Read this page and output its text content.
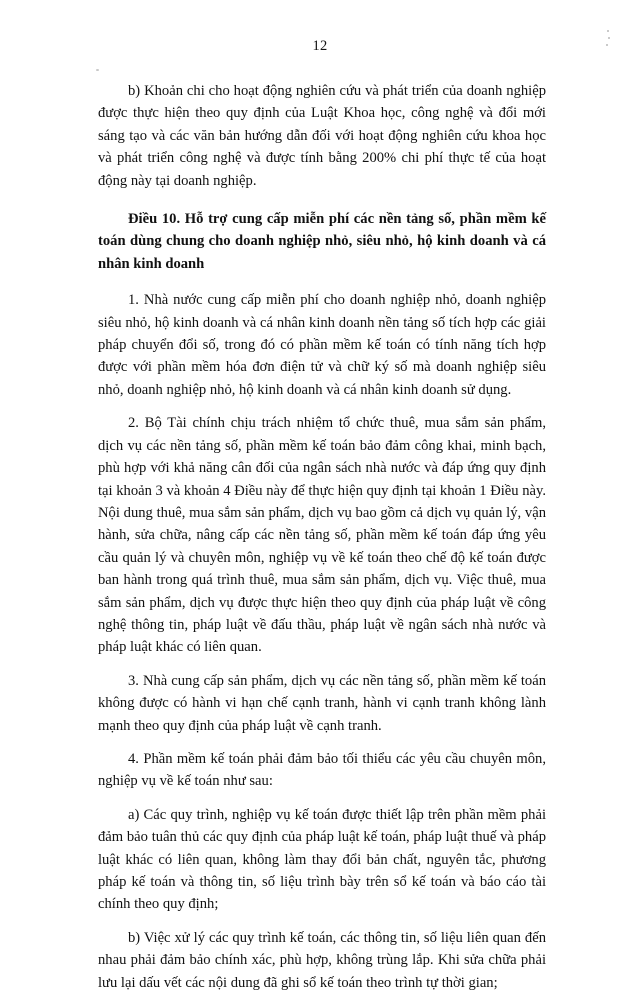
12

b) Khoản chi cho hoạt động nghiên cứu và phát triển của doanh nghiệp được thực hiện theo quy định của Luật Khoa học, công nghệ và đổi mới sáng tạo và các văn bản hướng dẫn đối với hoạt động nghiên cứu khoa học và phát triển công nghệ và được tính bằng 200% chi phí thực tế của hoạt động này tại doanh nghiệp.

Điều 10. Hỗ trợ cung cấp miễn phí các nền tảng số, phần mềm kế toán dùng chung cho doanh nghiệp nhỏ, siêu nhỏ, hộ kinh doanh và cá nhân kinh doanh

1. Nhà nước cung cấp miễn phí cho doanh nghiệp nhỏ, doanh nghiệp siêu nhỏ, hộ kinh doanh và cá nhân kinh doanh nền tảng số tích hợp các giải pháp chuyển đổi số, trong đó có phần mềm kế toán có tính năng tích hợp được với phần mềm hóa đơn điện tử và chữ ký số mà doanh nghiệp siêu nhỏ, doanh nghiệp nhỏ, hộ kinh doanh và cá nhân kinh doanh sử dụng.

2. Bộ Tài chính chịu trách nhiệm tổ chức thuê, mua sắm sản phẩm, dịch vụ các nền tảng số, phần mềm kế toán bảo đảm công khai, minh bạch, phù hợp với khả năng cân đối của ngân sách nhà nước và đáp ứng quy định tại khoản 3 và khoản 4 Điều này để thực hiện quy định tại khoản 1 Điều này. Nội dung thuê, mua sắm sản phẩm, dịch vụ bao gồm cả dịch vụ quản lý, vận hành, sửa chữa, nâng cấp các nền tảng số, phần mềm kế toán đáp ứng yêu cầu quản lý và chuyên môn, nghiệp vụ về kế toán theo chế độ kế toán được ban hành trong quá trình thuê, mua sắm sản phẩm, dịch vụ. Việc thuê, mua sắm sản phẩm, dịch vụ được thực hiện theo quy định của pháp luật về công nghệ thông tin, pháp luật về đấu thầu, pháp luật về ngân sách nhà nước và pháp luật khác có liên quan.

3. Nhà cung cấp sản phẩm, dịch vụ các nền tảng số, phần mềm kế toán không được có hành vi hạn chế cạnh tranh, hành vi cạnh tranh không lành mạnh theo quy định của pháp luật về cạnh tranh.

4. Phần mềm kế toán phải đảm bảo tối thiểu các yêu cầu chuyên môn, nghiệp vụ về kế toán như sau:

a) Các quy trình, nghiệp vụ kế toán được thiết lập trên phần mềm phải đảm bảo tuân thủ các quy định của pháp luật kế toán, pháp luật thuế và pháp luật khác có liên quan, không làm thay đổi bản chất, nguyên tắc, phương pháp kế toán và thông tin, số liệu trình bày trên sổ kế toán và báo cáo tài chính theo quy định;

b) Việc xử lý các quy trình kế toán, các thông tin, số liệu liên quan đến nhau phải đảm bảo chính xác, phù hợp, không trùng lắp. Khi sửa chữa phải lưu lại dấu vết các nội dung đã ghi sổ kế toán theo trình tự thời gian;
